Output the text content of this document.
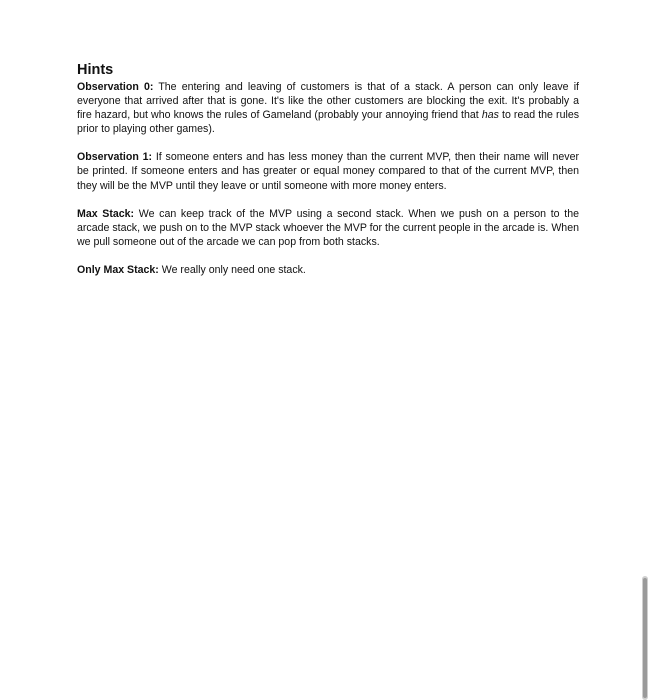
Hints

Observation 0: The entering and leaving of customers is that of a stack. A person can only leave if everyone that arrived after that is gone. It's like the other customers are blocking the exit. It's probably a fire hazard, but who knows the rules of Gameland (probably your annoying friend that has to read the rules prior to playing other games).

Observation 1: If someone enters and has less money than the current MVP, then their name will never be printed. If someone enters and has greater or equal money compared to that of the current MVP, then they will be the MVP until they leave or until someone with more money enters.

Max Stack: We can keep track of the MVP using a second stack. When we push on a person to the arcade stack, we push on to the MVP stack whoever the MVP for the current people in the arcade is. When we pull someone out of the arcade we can pop from both stacks.

Only Max Stack: We really only need one stack.
